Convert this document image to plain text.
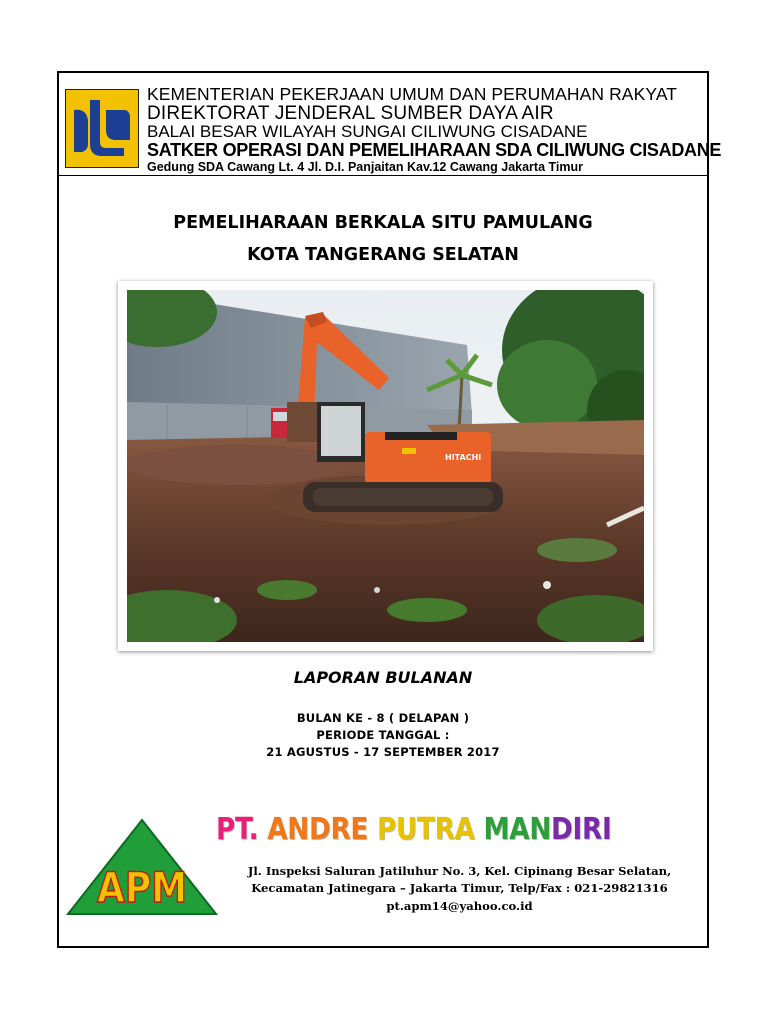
KEMENTERIAN PEKERJAAN UMUM DAN PERUMAHAN RAKYAT
DIREKTORAT JENDERAL SUMBER DAYA AIR
BALAI BESAR WILAYAH SUNGAI CILIWUNG CISADANE
SATKER OPERASI DAN PEMELIHARAAN SDA CILIWUNG CISADANE
Gedung SDA Cawang Lt. 4 Jl. D.I. Panjaitan Kav.12 Cawang Jakarta Timur
PEMELIHARAAN BERKALA SITU PAMULANG
KOTA TANGERANG SELATAN
HITACHI
LAPORAN BULANAN
BULAN KE - 8 ( DELAPAN )
PERIODE TANGGAL :
21 AGUSTUS - 17 SEPTEMBER 2017
APM
PT. ANDRE PUTRA MANDIRI
Jl. Inspeksi Saluran Jatiluhur No. 3, Kel. Cipinang Besar Selatan,
Kecamatan Jatinegara – Jakarta Timur, Telp/Fax : 021-29821316
pt.apm14@yahoo.co.id
